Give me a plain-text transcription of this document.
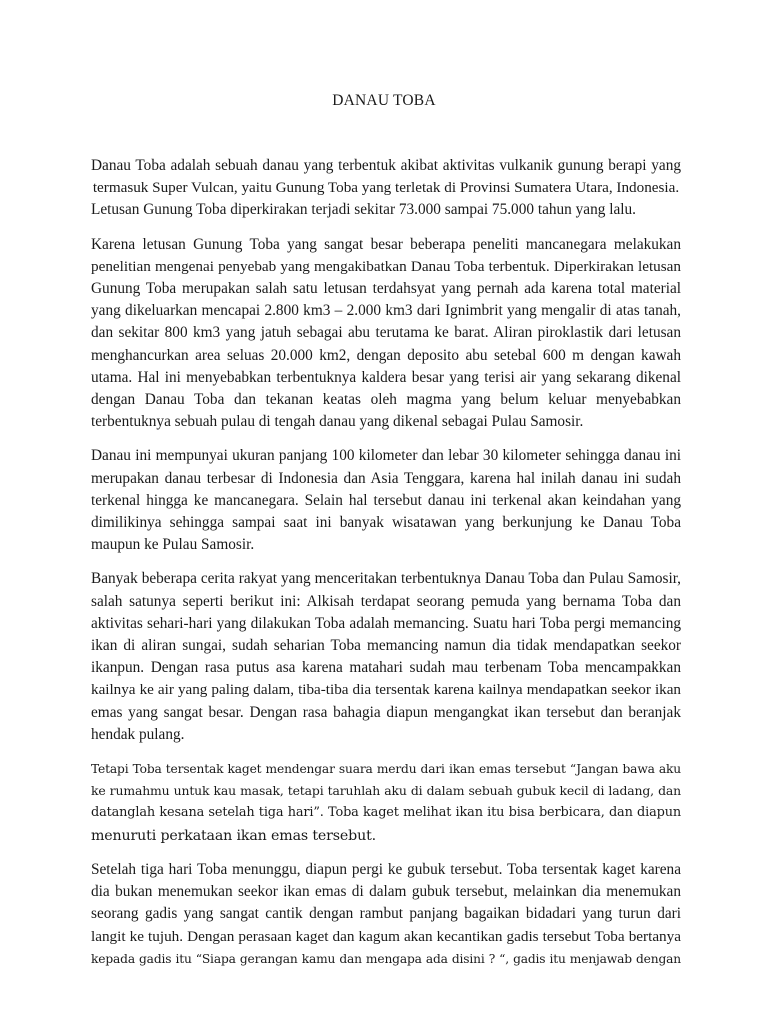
DANAU TOBA
Danau Toba adalah sebuah danau yang terbentuk akibat aktivitas vulkanik gunung berapi yang
termasuk Super Vulcan, yaitu Gunung Toba yang terletak di Provinsi Sumatera Utara, Indonesia.
Letusan Gunung Toba diperkirakan terjadi sekitar 73.000 sampai 75.000 tahun yang lalu.
Karena letusan Gunung Toba yang sangat besar beberapa peneliti mancanegara melakukan
penelitian mengenai penyebab yang mengakibatkan Danau Toba terbentuk. Diperkirakan letusan
Gunung Toba merupakan salah satu letusan terdahsyat yang pernah ada karena total material
yang dikeluarkan mencapai 2.800 km3 – 2.000 km3 dari Ignimbrit yang mengalir di atas tanah,
dan sekitar 800 km3 yang jatuh sebagai abu terutama ke barat. Aliran piroklastik dari letusan
menghancurkan area seluas 20.000 km2, dengan deposito abu setebal 600 m dengan kawah
utama. Hal ini menyebabkan terbentuknya kaldera besar yang terisi air yang sekarang dikenal
dengan Danau Toba dan tekanan keatas oleh magma yang belum keluar menyebabkan
terbentuknya sebuah pulau di tengah danau yang dikenal sebagai Pulau Samosir.
Danau ini mempunyai ukuran panjang 100 kilometer dan lebar 30 kilometer sehingga danau ini
merupakan danau terbesar di Indonesia dan Asia Tenggara, karena hal inilah danau ini sudah
terkenal hingga ke mancanegara. Selain hal tersebut danau ini terkenal akan keindahan yang
dimilikinya sehingga sampai saat ini banyak wisatawan yang berkunjung ke Danau Toba
maupun ke Pulau Samosir.
Banyak beberapa cerita rakyat yang menceritakan terbentuknya Danau Toba dan Pulau Samosir,
salah satunya seperti berikut ini: Alkisah terdapat seorang pemuda yang bernama Toba dan
aktivitas sehari-hari yang dilakukan Toba adalah memancing. Suatu hari Toba pergi memancing
ikan di aliran sungai, sudah seharian Toba memancing namun dia tidak mendapatkan seekor
ikanpun. Dengan rasa putus asa karena matahari sudah mau terbenam Toba mencampakkan
kailnya ke air yang paling dalam, tiba-tiba dia tersentak karena kailnya mendapatkan seekor ikan
emas yang sangat besar. Dengan rasa bahagia diapun mengangkat ikan tersebut dan beranjak
hendak pulang.
Tetapi Toba tersentak kaget mendengar suara merdu dari ikan emas tersebut “Jangan bawa aku
ke rumahmu untuk kau masak, tetapi taruhlah aku di dalam sebuah gubuk kecil di ladang, dan
datanglah kesana setelah tiga hari”. Toba kaget melihat ikan itu bisa berbicara, dan diapun
menuruti perkataan ikan emas tersebut.
Setelah tiga hari Toba menunggu, diapun pergi ke gubuk tersebut. Toba tersentak kaget karena
dia bukan menemukan seekor ikan emas di dalam gubuk tersebut, melainkan dia menemukan
seorang gadis yang sangat cantik dengan rambut panjang bagaikan bidadari yang turun dari
langit ke tujuh. Dengan perasaan kaget dan kagum akan kecantikan gadis tersebut Toba bertanya
kepada gadis itu “Siapa gerangan kamu dan mengapa ada disini ? “, gadis itu menjawab dengan
